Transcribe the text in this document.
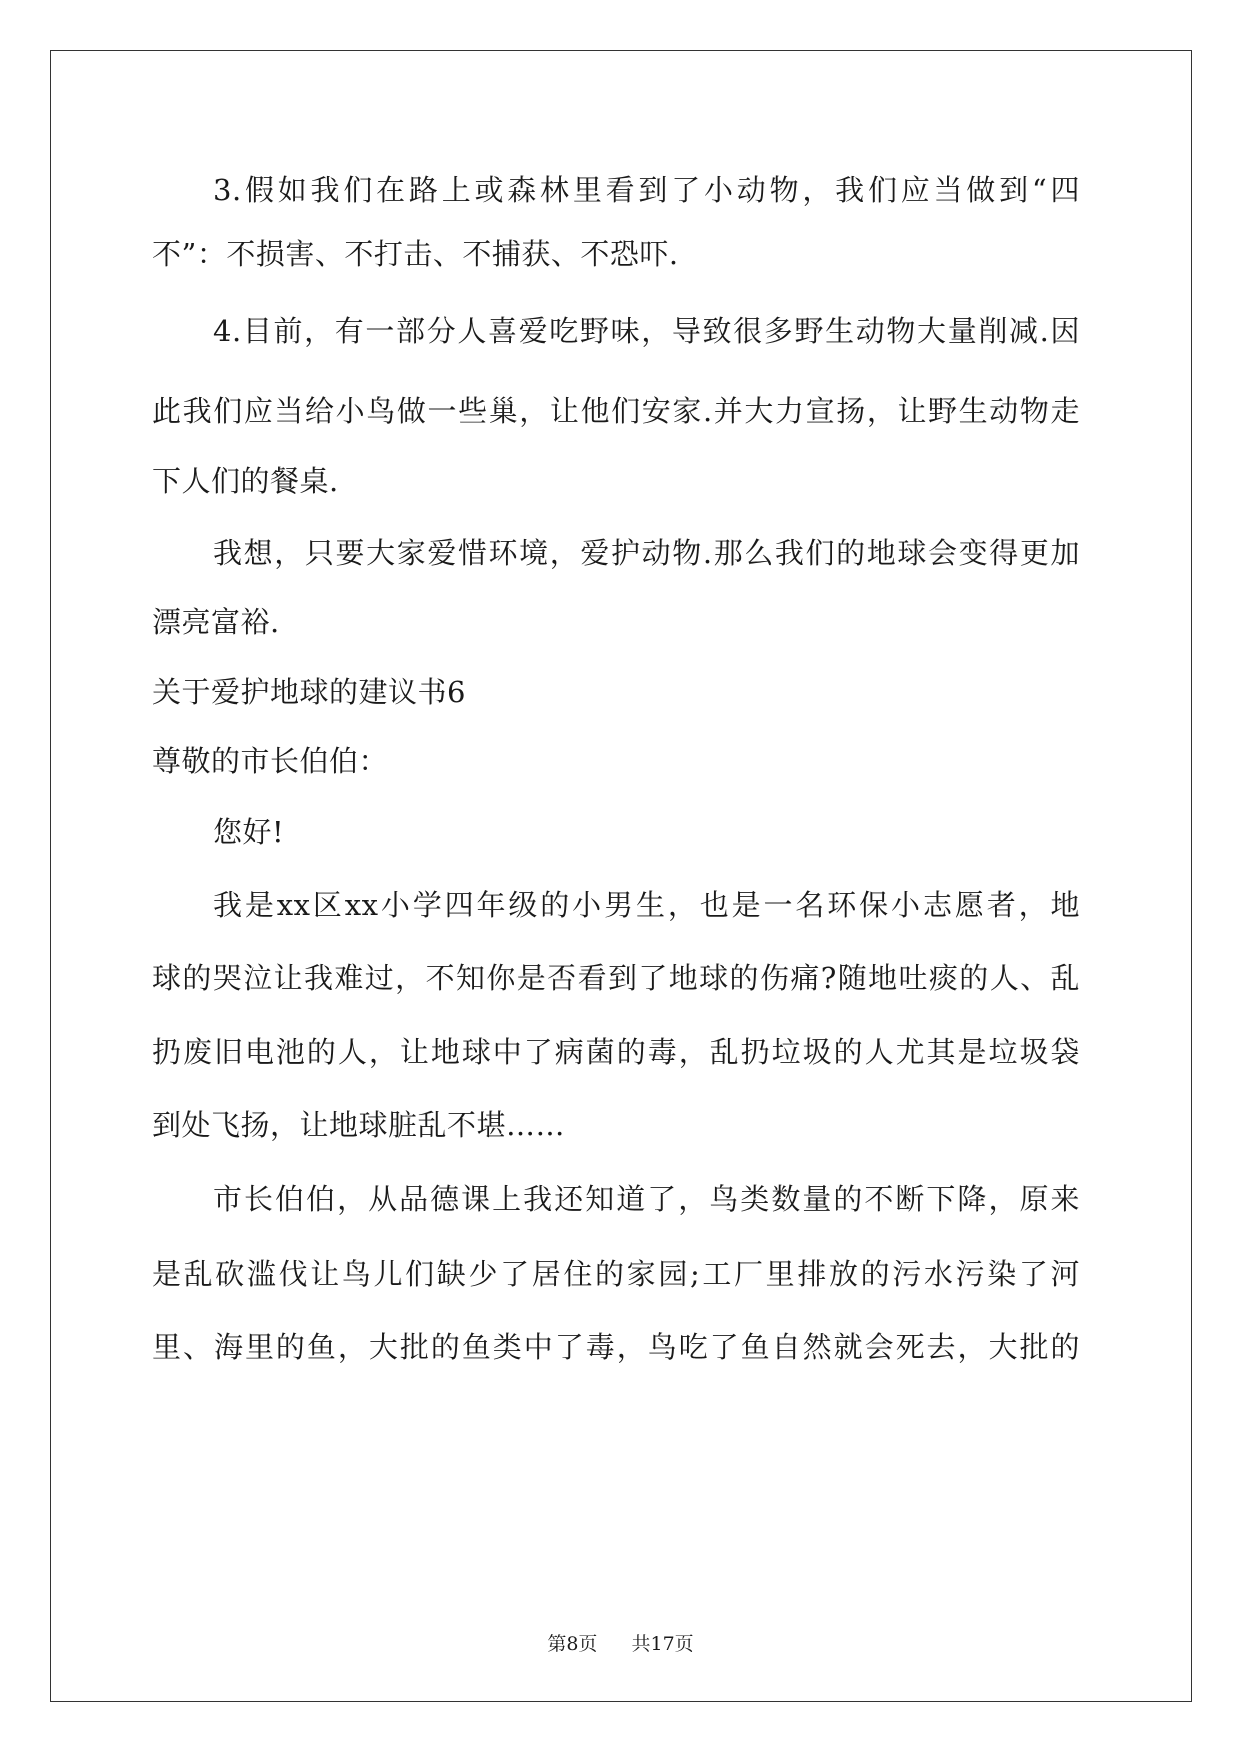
3.假如我们在路上或森林里看到了小动物，我们应当做到“四
不”：不损害、不打击、不捕获、不恐吓.
4.目前，有一部分人喜爱吃野味，导致很多野生动物大量削减.因
此我们应当给小鸟做一些巢，让他们安家.并大力宣扬，让野生动物走
下人们的餐桌.
我想，只要大家爱惜环境，爱护动物.那么我们的地球会变得更加
漂亮富裕.
关于爱护地球的建议书6
尊敬的市长伯伯：
您好!
我是xx区xx小学四年级的小男生，也是一名环保小志愿者，地
球的哭泣让我难过，不知你是否看到了地球的伤痛?随地吐痰的人、乱
扔废旧电池的人，让地球中了病菌的毒，乱扔垃圾的人尤其是垃圾袋
到处飞扬，让地球脏乱不堪……
市长伯伯，从品德课上我还知道了，鸟类数量的不断下降，原来
是乱砍滥伐让鸟儿们缺少了居住的家园;工厂里排放的污水污染了河
里、海里的鱼，大批的鱼类中了毒，鸟吃了鱼自然就会死去，大批的
第8页 共17页
